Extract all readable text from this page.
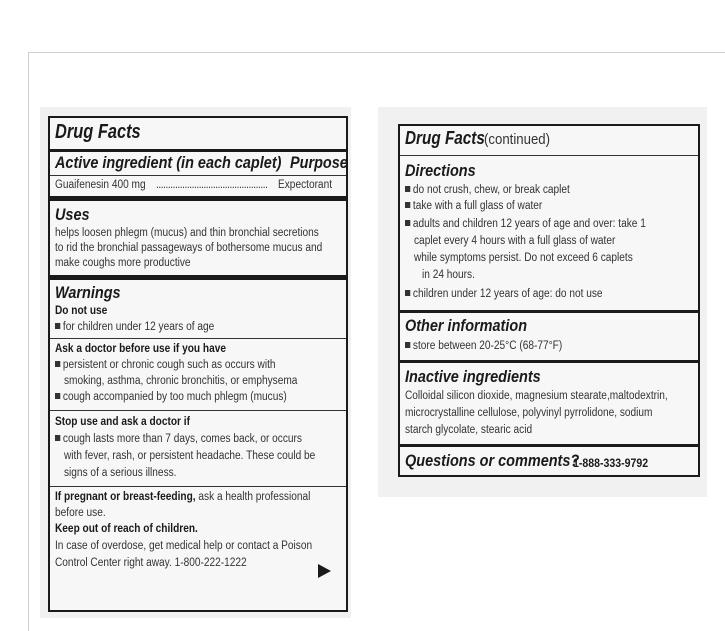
Drug Facts
Active ingredient (in each caplet) Purpose
Guaifenesin 400 mg ............................................... Expectorant
Uses
helps loosen phlegm (mucus) and thin bronchial secretions
to rid the bronchial passageways of bothersome mucus and
make coughs more productive
Warnings
Do not use
for children under 12 years of age
Ask a doctor before use if you have
persistent or chronic cough such as occurs with
smoking, asthma, chronic bronchitis, or emphysema
cough accompanied by too much phlegm (mucus)
Stop use and ask a doctor if
cough lasts more than 7 days, comes back, or occurs
with fever, rash, or persistent headache. These could be
signs of a serious illness.
If pregnant or breast-feeding, ask a health professional
before use.
Keep out of reach of children.
In case of overdose, get medical help or contact a Poison
Control Center right away. 1-800-222-1222
Drug Facts (continued)
Directions
do not crush, chew, or break caplet
take with a full glass of water
adults and children 12 years of age and over: take 1
caplet every 4 hours with a full glass of water
while symptoms persist. Do not exceed 6 caplets
in 24 hours.
children under 12 years of age: do not use
Other information
store between 20-25°C (68-77°F)
Inactive ingredients
Colloidal silicon dioxide, magnesium stearate,maltodextrin,
microcrystalline cellulose, polyvinyl pyrrolidone, sodium
starch glycolate, stearic acid
Questions or comments?
1-888-333-9792
